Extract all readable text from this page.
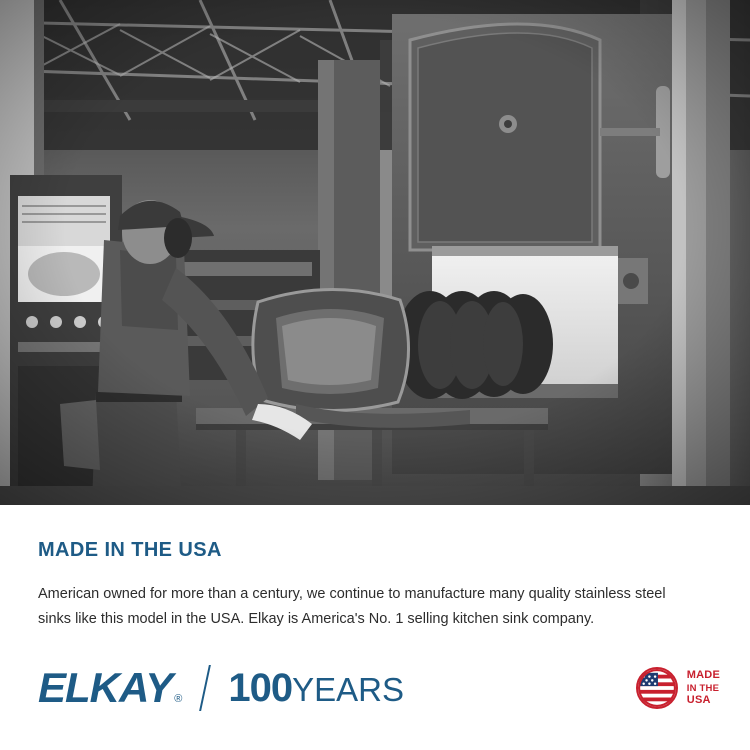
MADE IN THE USA

American owned for more than a century, we continue to manufacture many quality stainless steel sinks like this model in the USA. Elkay is America's No. 1 selling kitchen sink company.

ELKAY ® 100 YEARS	MADE
IN THE
USA
